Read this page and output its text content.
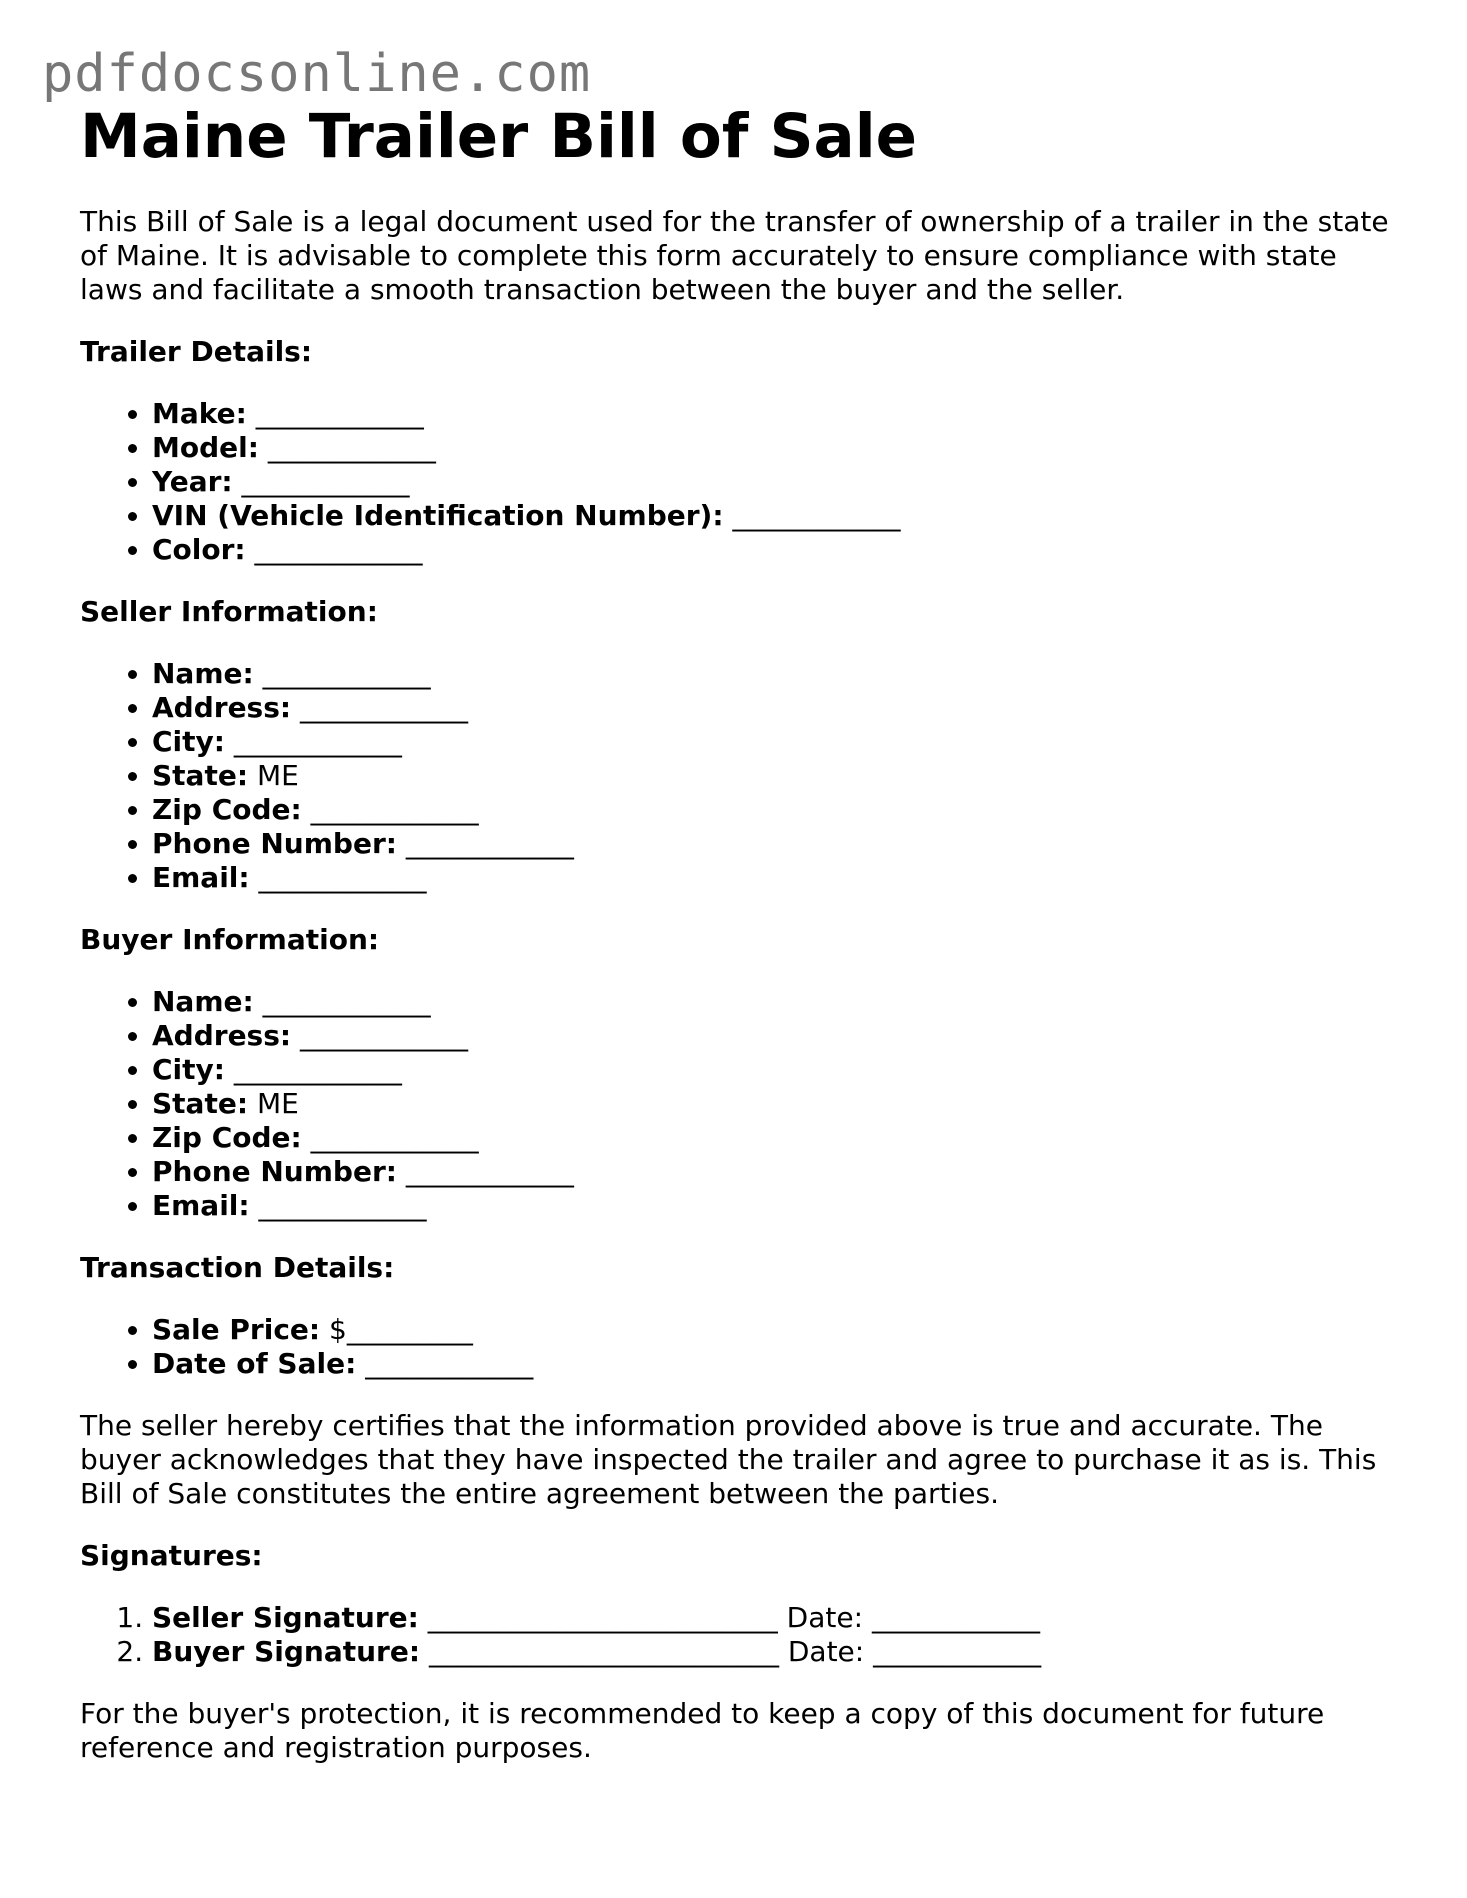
pdfdocsonline.com
Maine Trailer Bill of Sale

This Bill of Sale is a legal document used for the transfer of ownership of a trailer in the state of Maine. It is advisable to complete this form accurately to ensure compliance with state laws and facilitate a smooth transaction between the buyer and the seller.

Trailer Details:
• Make: ____________
• Model: ____________
• Year: ____________
• VIN (Vehicle Identification Number): ____________
• Color: ____________
Seller Information:
• Name: ____________
• Address: ____________
• City: ____________
• State: ME
• Zip Code: ____________
• Phone Number: ____________
• Email: ____________
Buyer Information:
• Name: ____________
• Address: ____________
• City: ____________
• State: ME
• Zip Code: ____________
• Phone Number: ____________
• Email: ____________
Transaction Details:
• Sale Price: $_________
• Date of Sale: ____________

The seller hereby certifies that the information provided above is true and accurate. The buyer acknowledges that they have inspected the trailer and agree to purchase it as is. This Bill of Sale constitutes the entire agreement between the parties.

Signatures:
1. Seller Signature: _________________________ Date: ____________
2. Buyer Signature: _________________________ Date: ____________

For the buyer's protection, it is recommended to keep a copy of this document for future reference and registration purposes.
